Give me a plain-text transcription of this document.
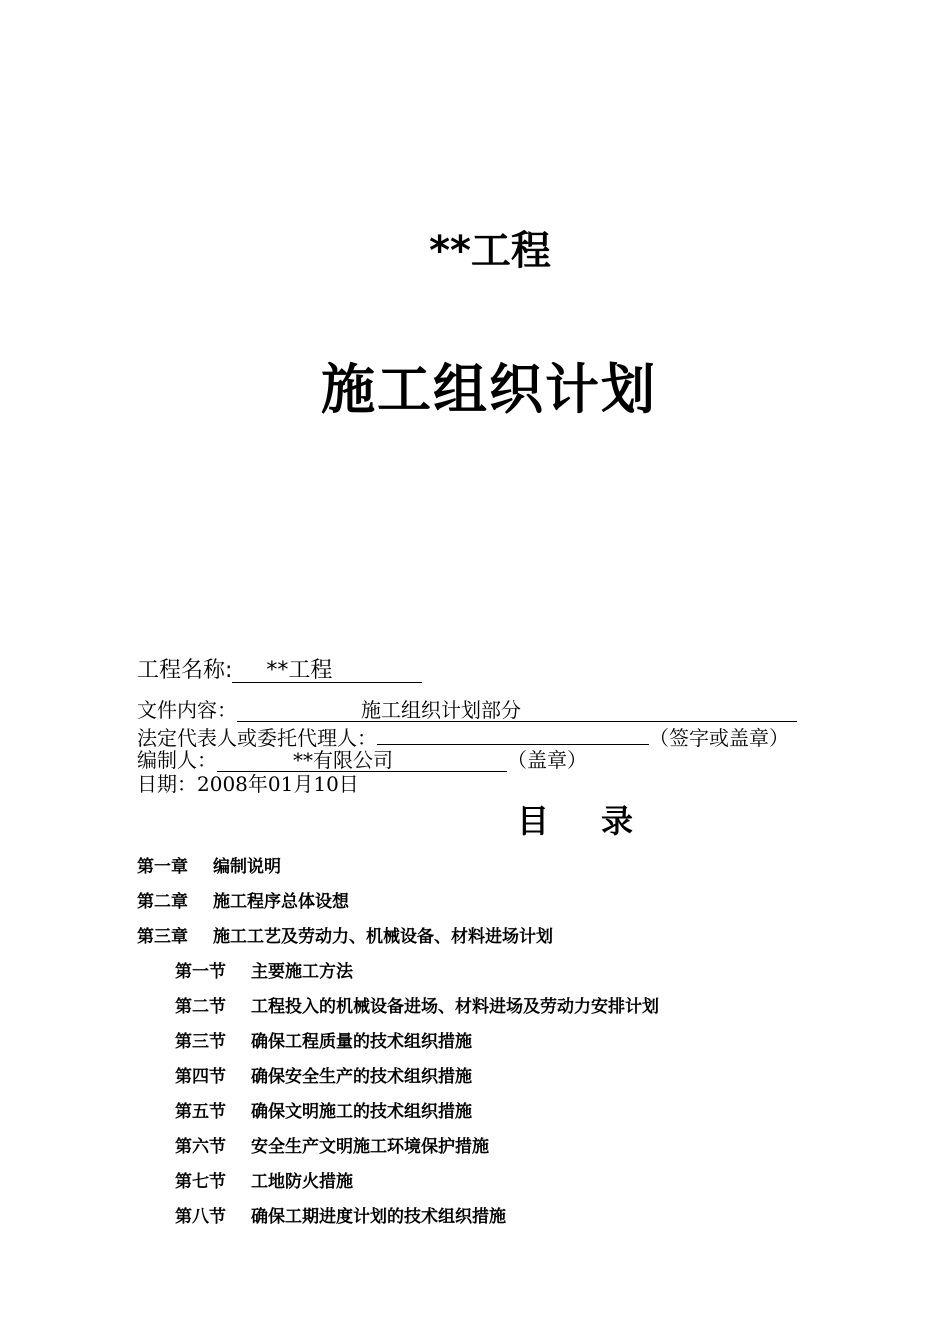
**工程
施工组织计划
工程名称: **工程
文件内容：	施工组织计划部分
法定代表人或委托代理人：	（签字或盖章）
编制人：	**有限公司	（盖章）
日期：2008年01月10日
目 录
第一章 编制说明
第二章 施工程序总体设想
第三章 施工工艺及劳动力、机械设备、材料进场计划
第一节 主要施工方法
第二节 工程投入的机械设备进场、材料进场及劳动力安排计划
第三节 确保工程质量的技术组织措施
第四节 确保安全生产的技术组织措施
第五节 确保文明施工的技术组织措施
第六节 安全生产文明施工环境保护措施
第七节 工地防火措施
第八节 确保工期进度计划的技术组织措施
